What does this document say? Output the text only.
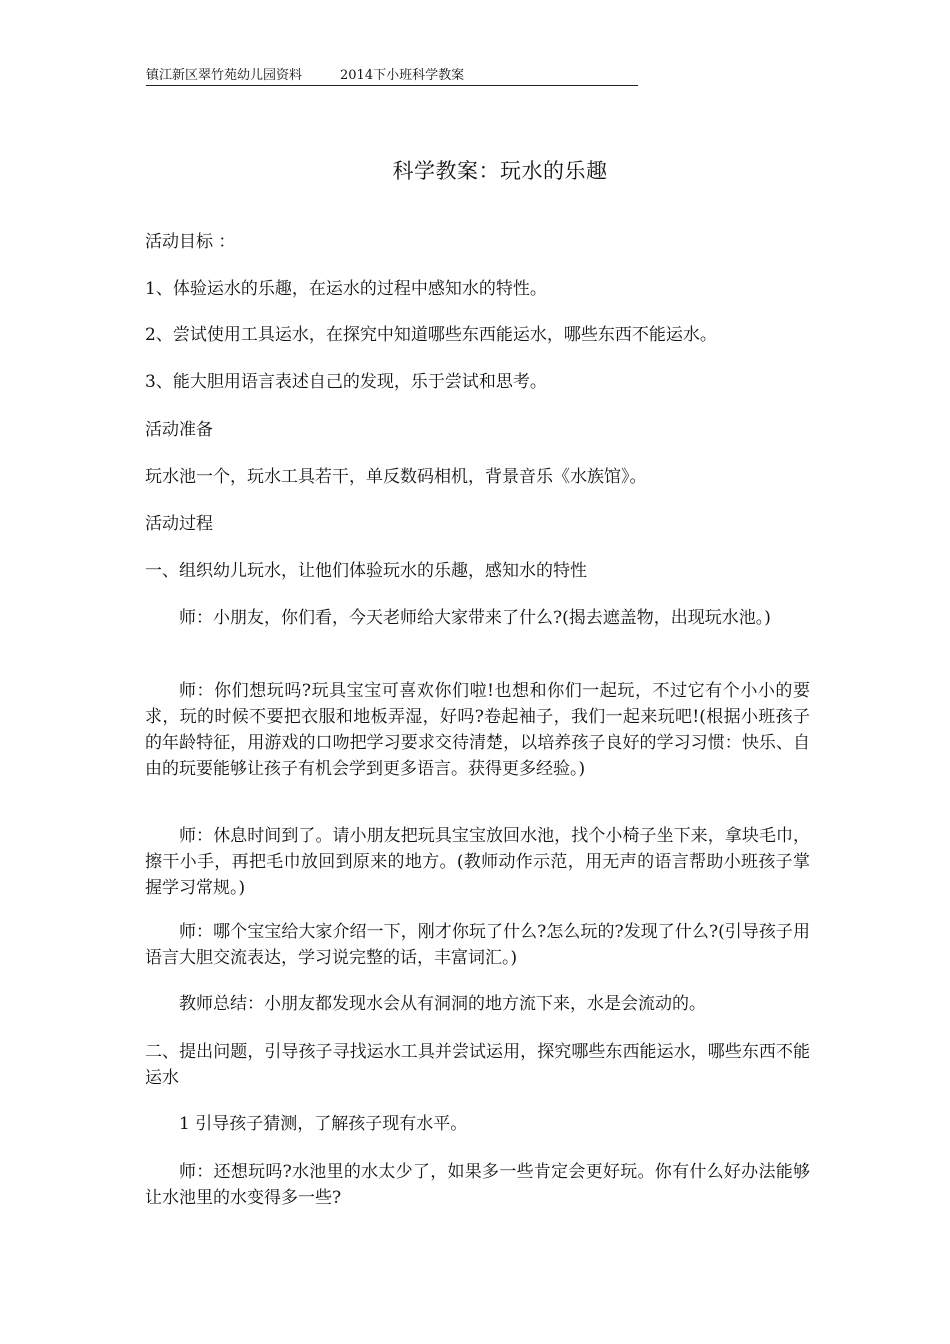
镇江新区翠竹苑幼儿园资料	2014下小班科学教案
科学教案：玩水的乐趣

活动目标 ：

1、体验运水的乐趣，在运水的过程中感知水的特性。

2、尝试使用工具运水，在探究中知道哪些东西能运水，哪些东西不能运水。

3、能大胆用语言表述自己的发现，乐于尝试和思考。

活动准备

玩水池一个，玩水工具若干，单反数码相机，背景音乐《水族馆》。

活动过程

一、组织幼儿玩水，让他们体验玩水的乐趣，感知水的特性

师：小朋友，你们看，今天老师给大家带来了什么?(揭去遮盖物，出现玩水池。)

师：你们想玩吗?玩具宝宝可喜欢你们啦!也想和你们一起玩，不过它有个小小的要求，玩的时候不要把衣服和地板弄湿，好吗?卷起袖子，我们一起来玩吧!(根据小班孩子的年龄特征，用游戏的口吻把学习要求交待清楚，以培养孩子良好的学习习惯：快乐、自由的玩要能够让孩子有机会学到更多语言。获得更多经验。)

师：休息时间到了。请小朋友把玩具宝宝放回水池，找个小椅子坐下来，拿块毛巾，擦干小手，再把毛巾放回到原来的地方。(教师动作示范，用无声的语言帮助小班孩子掌握学习常规。)

师：哪个宝宝给大家介绍一下，刚才你玩了什么?怎么玩的?发现了什么?(引导孩子用语言大胆交流表达，学习说完整的话，丰富词汇。)

教师总结：小朋友都发现水会从有洞洞的地方流下来，水是会流动的。

二、提出问题，引导孩子寻找运水工具并尝试运用，探究哪些东西能运水，哪些东西不能运水

1 引导孩子猜测，了解孩子现有水平。

师：还想玩吗?水池里的水太少了，如果多一些肯定会更好玩。你有什么好办法能够让水池里的水变得多一些?
